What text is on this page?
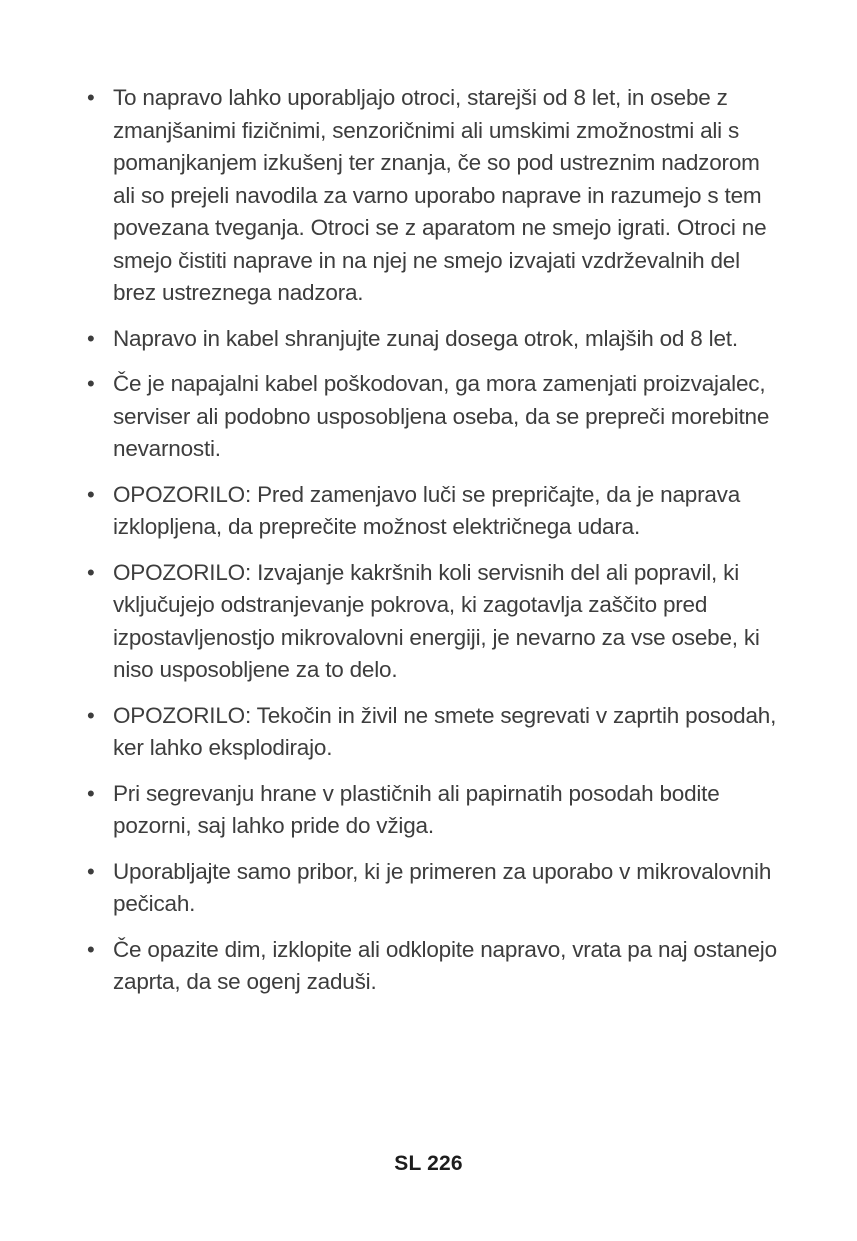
• To napravo lahko uporabljajo otroci, starejši od 8 let, in osebe z zmanjšanimi fizičnimi, senzoričnimi ali umskimi zmožnostmi ali s pomanjkanjem izkušenj ter znanja, če so pod ustreznim nadzorom ali so prejeli navodila za varno uporabo naprave in razumejo s tem povezana tveganja. Otroci se z aparatom ne smejo igrati. Otroci ne smejo čistiti naprave in na njej ne smejo izvajati vzdrževalnih del brez ustreznega nadzora.
• Napravo in kabel shranjujte zunaj dosega otrok, mlajših od 8 let.
• Če je napajalni kabel poškodovan, ga mora zamenjati proizvajalec, serviser ali podobno usposobljena oseba, da se prepreči morebitne nevarnosti.
• OPOZORILO: Pred zamenjavo luči se prepričajte, da je naprava izklopljena, da preprečite možnost električnega udara.
• OPOZORILO: Izvajanje kakršnih koli servisnih del ali popravil, ki vključujejo odstranjevanje pokrova, ki zagotavlja zaščito pred izpostavljenostjo mikrovalovni energiji, je nevarno za vse osebe, ki niso usposobljene za to delo.
• OPOZORILO: Tekočin in živil ne smete segrevati v zaprtih posodah, ker lahko eksplodirajo.
• Pri segrevanju hrane v plastičnih ali papirnatih posodah bodite pozorni, saj lahko pride do vžiga.
• Uporabljajte samo pribor, ki je primeren za uporabo v mikrovalovnih pečicah.
• Če opazite dim, izklopite ali odklopite napravo, vrata pa naj ostanejo zaprta, da se ogenj zaduši.
SL 226
